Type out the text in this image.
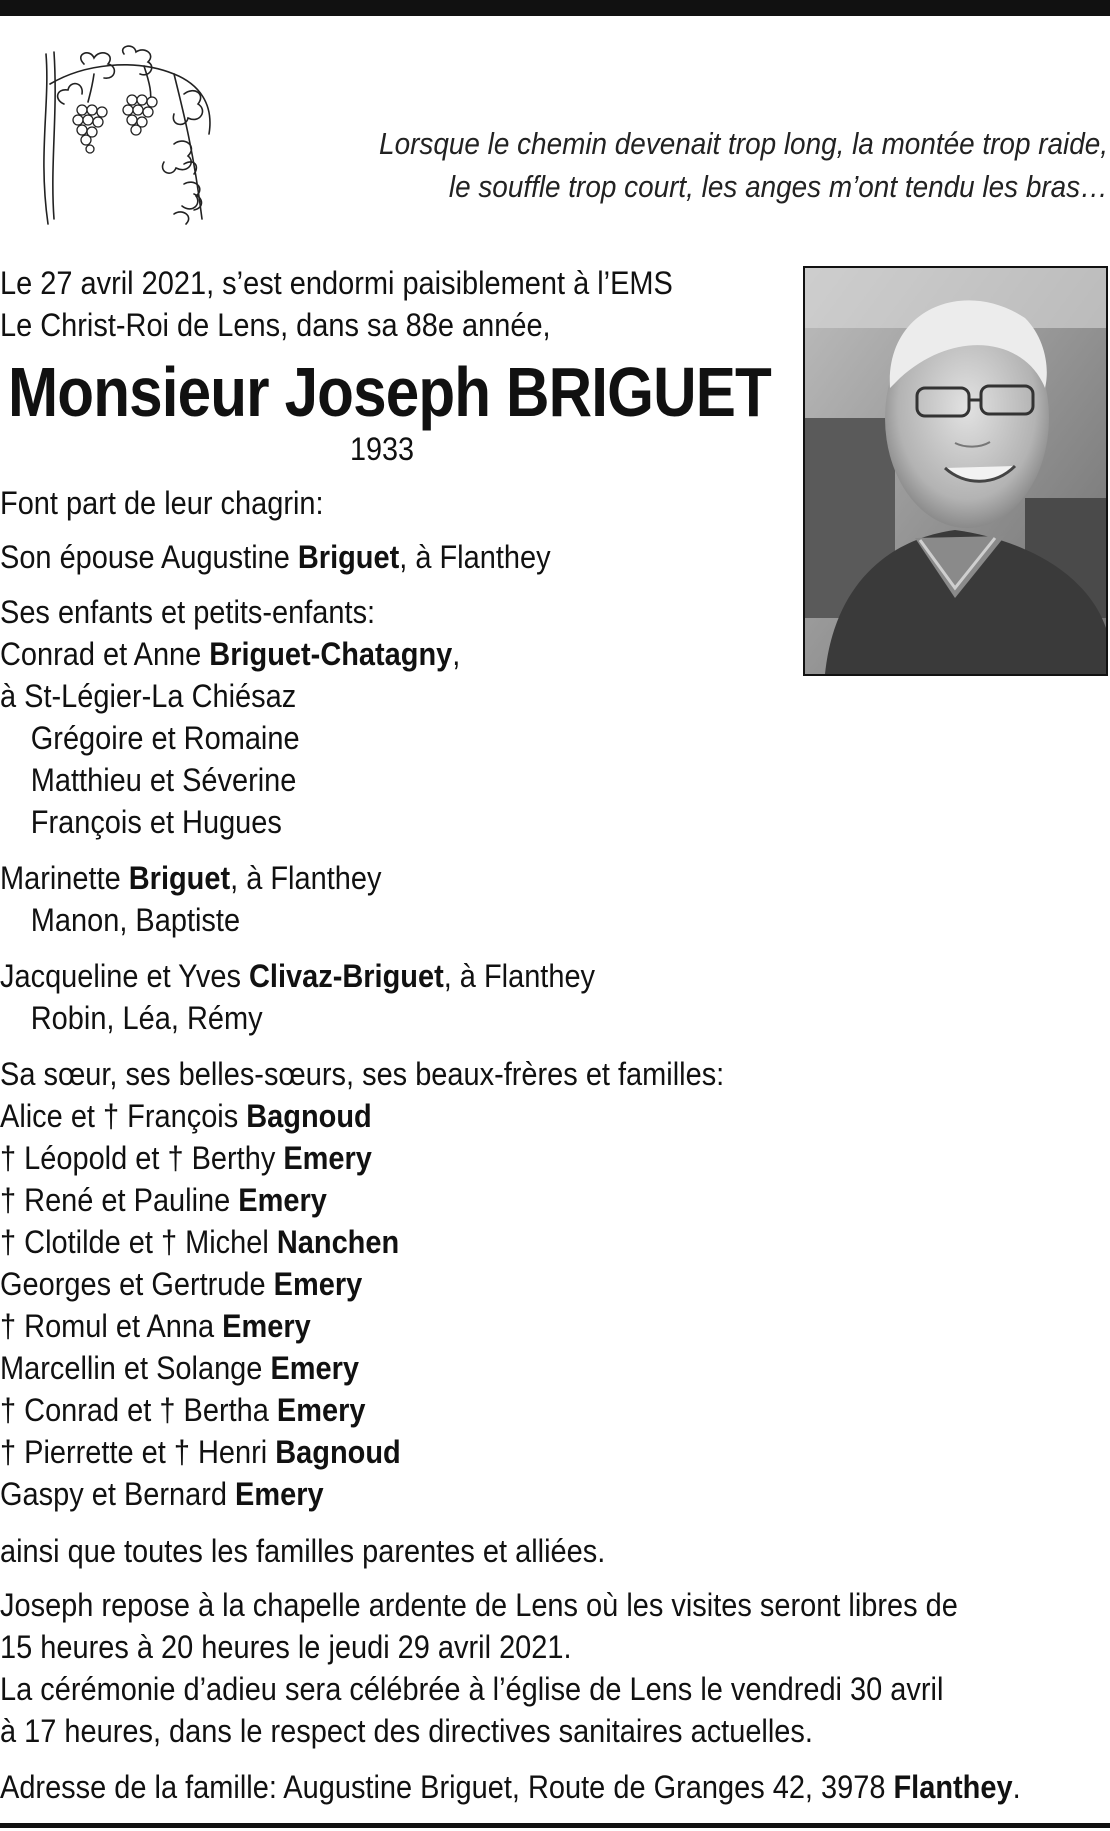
Lorsque le chemin devenait trop long, la montée trop raide,
le souffle trop court, les anges m’ont tendu les bras…
Le 27 avril 2021, s’est endormi paisiblement à l’EMS
Le Christ-Roi de Lens, dans sa 88e année,
Monsieur Joseph BRIGUET
1933
Font part de leur chagrin:
Son épouse Augustine Briguet, à Flanthey
Ses enfants et petits-enfants:
Conrad et Anne Briguet-Chatagny,
à St-Légier-La Chiésaz
Grégoire et Romaine
Matthieu et Séverine
François et Hugues
Marinette Briguet, à Flanthey
Manon, Baptiste
Jacqueline et Yves Clivaz-Briguet, à Flanthey
Robin, Léa, Rémy
Sa sœur, ses belles-sœurs, ses beaux-frères et familles:
Alice et † François Bagnoud
† Léopold et † Berthy Emery
† René et Pauline Emery
† Clotilde et † Michel Nanchen
Georges et Gertrude Emery
† Romul et Anna Emery
Marcellin et Solange Emery
† Conrad et † Bertha Emery
† Pierrette et † Henri Bagnoud
Gaspy et Bernard Emery
ainsi que toutes les familles parentes et alliées.
Joseph repose à la chapelle ardente de Lens où les visites seront libres de
15 heures à 20 heures le jeudi 29 avril 2021.
La cérémonie d’adieu sera célébrée à l’église de Lens le vendredi 30 avril
à 17 heures, dans le respect des directives sanitaires actuelles.
Adresse de la famille: Augustine Briguet, Route de Granges 42, 3978 Flanthey.
